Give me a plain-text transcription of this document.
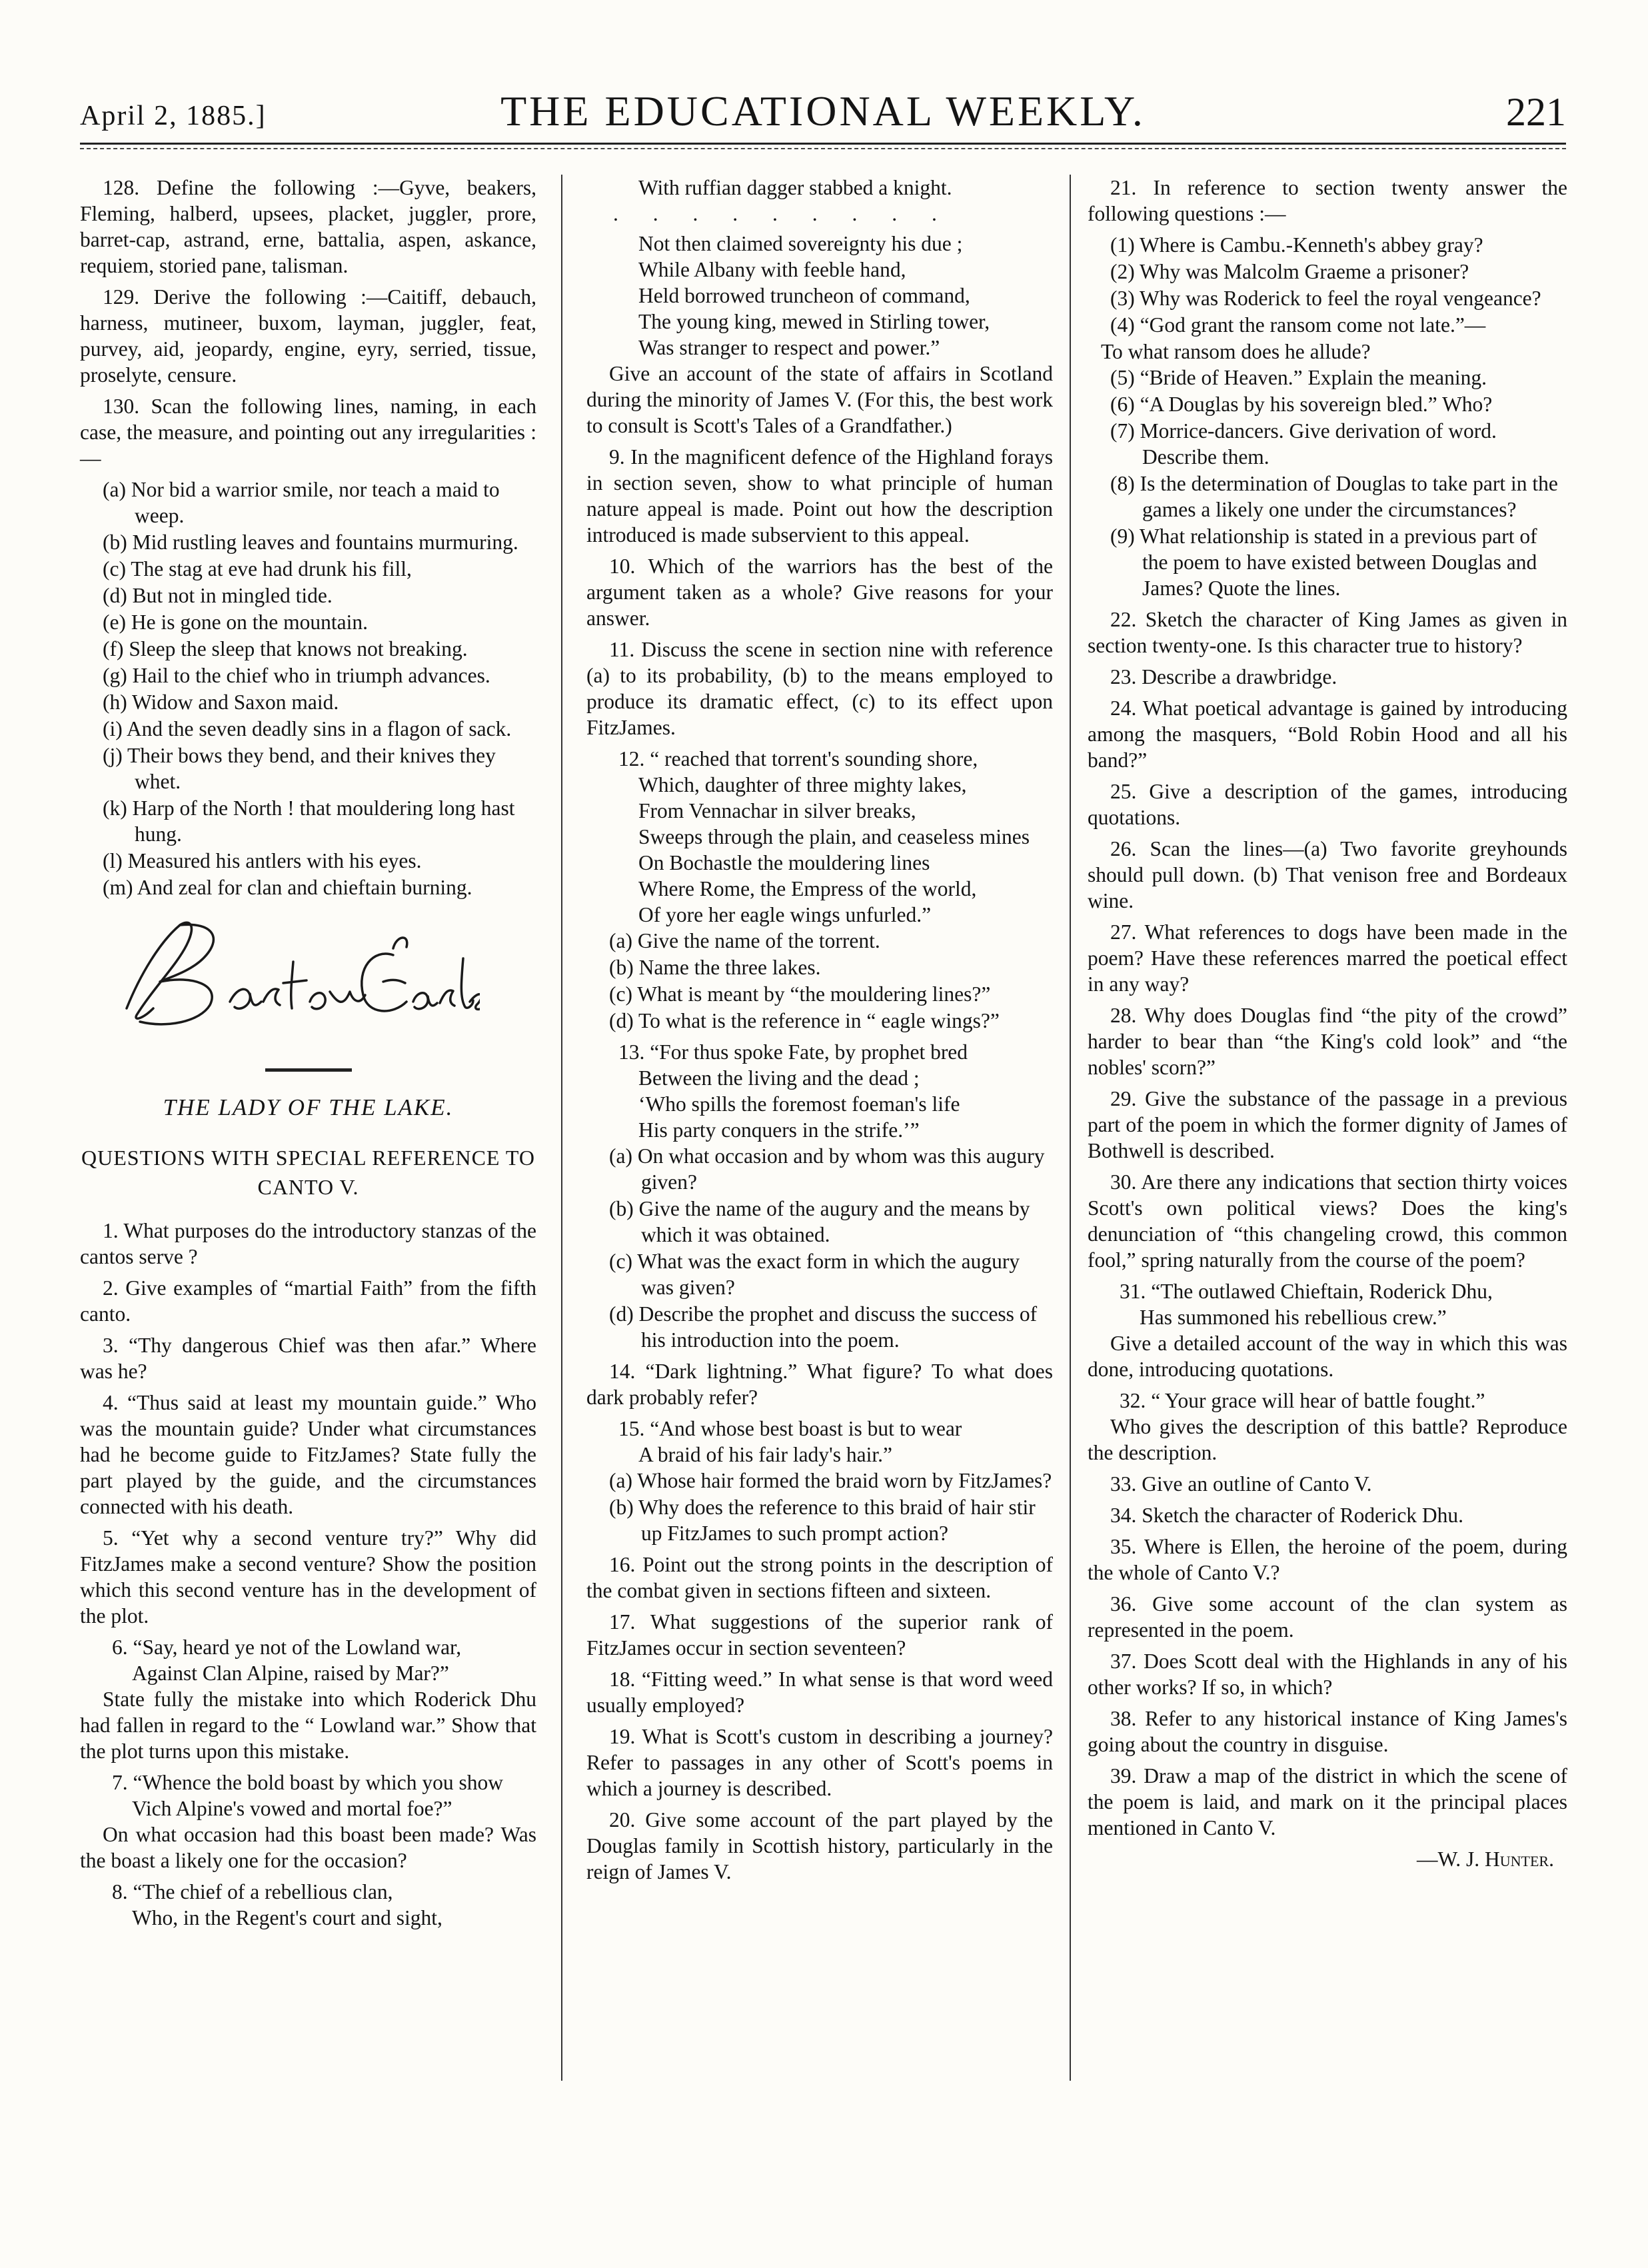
April 2, 1885.]	THE EDUCATIONAL WEEKLY.	221

128. Define the following :—Gyve, beakers, Fleming, halberd, upsees, placket, juggler, prore, barret-cap, astrand, erne, battalia, aspen, askance, requiem, storied pane, talisman.

129. Derive the following :—Caitiff, debauch, harness, mutineer, buxom, layman, juggler, feat, purvey, aid, jeopardy, engine, eyry, serried, tissue, proselyte, censure.

130. Scan the following lines, naming, in each case, the measure, and pointing out any irregularities :—

(a) Nor bid a warrior smile, nor teach a maid to weep.
(b) Mid rustling leaves and fountains murmuring.
(c) The stag at eve had drunk his fill,
(d) But not in mingled tide.
(e) He is gone on the mountain.
(f) Sleep the sleep that knows not breaking.
(g) Hail to the chief who in triumph advances.
(h) Widow and Saxon maid.
(i) And the seven deadly sins in a flagon of sack.
(j) Their bows they bend, and their knives they whet.
(k) Harp of the North ! that mouldering long hast hung.
(l) Measured his antlers with his eyes.
(m) And zeal for clan and chieftain burning.
THE LADY OF THE LAKE.
QUESTIONS WITH SPECIAL REFERENCE TO CANTO V.

1. What purposes do the introductory stanzas of the cantos serve ?

2. Give examples of “martial Faith” from the fifth canto.

3. “Thy dangerous Chief was then afar.” Where was he?

4. “Thus said at least my mountain guide.” Who was the mountain guide? Under what circumstances had he become guide to FitzJames? State fully the part played by the guide, and the circumstances connected with his death.

5. “Yet why a second venture try?” Why did FitzJames make a second venture? Show the position which this second venture has in the development of the plot.

6. “Say, heard ye not of the Lowland war,
Against Clan Alpine, raised by Mar?”

State fully the mistake into which Roderick Dhu had fallen in regard to the “ Lowland war.” Show that the plot turns upon this mistake.

7. “Whence the bold boast by which you show
Vich Alpine's vowed and mortal foe?”

On what occasion had this boast been made? Was the boast a likely one for the occasion?

8. “The chief of a rebellious clan,
Who, in the Regent's court and sight,
With ruffian dagger stabbed a knight.
. . . . . . . . .
Not then claimed sovereignty his due ;
While Albany with feeble hand,
Held borrowed truncheon of command,
The young king, mewed in Stirling tower,
Was stranger to respect and power.”

Give an account of the state of affairs in Scotland during the minority of James V. (For this, the best work to consult is Scott's Tales of a Grandfather.)

9. In the magnificent defence of the Highland forays in section seven, show to what principle of human nature appeal is made. Point out how the description introduced is made subservient to this appeal.

10. Which of the warriors has the best of the argument taken as a whole? Give reasons for your answer.

11. Discuss the scene in section nine with reference (a) to its probability, (b) to the means employed to produce its dramatic effect, (c) to its effect upon FitzJames.

12. “ reached that torrent's sounding shore,
Which, daughter of three mighty lakes,
From Vennachar in silver breaks,
Sweeps through the plain, and ceaseless mines
On Bochastle the mouldering lines
Where Rome, the Empress of the world,
Of yore her eagle wings unfurled.”
(a) Give the name of the torrent.
(b) Name the three lakes.
(c) What is meant by “the mouldering lines?”
(d) To what is the reference in “ eagle wings?”
13. “For thus spoke Fate, by prophet bred
Between the living and the dead ;
‘Who spills the foremost foeman's life
His party conquers in the strife.’”
(a) On what occasion and by whom was this augury given?
(b) Give the name of the augury and the means by which it was obtained.
(c) What was the exact form in which the augury was given?
(d) Describe the prophet and discuss the success of his introduction into the poem.

14. “Dark lightning.” What figure? To what does dark probably refer?

15. “And whose best boast is but to wear
A braid of his fair lady's hair.”
(a) Whose hair formed the braid worn by FitzJames?
(b) Why does the reference to this braid of hair stir up FitzJames to such prompt action?

16. Point out the strong points in the description of the combat given in sections fifteen and sixteen.

17. What suggestions of the superior rank of FitzJames occur in section seventeen?

18. “Fitting weed.” In what sense is that word weed usually employed?

19. What is Scott's custom in describing a journey? Refer to passages in any other of Scott's poems in which a journey is described.

20. Give some account of the part played by the Douglas family in Scottish history, particularly in the reign of James V.

21. In reference to section twenty answer the following questions :—

(1) Where is Cambu.-Kenneth's abbey gray?
(2) Why was Malcolm Graeme a prisoner?
(3) Why was Roderick to feel the royal vengeance?
(4) “God grant the ransom come not late.”—
To what ransom does he allude?
(5) “Bride of Heaven.” Explain the meaning.
(6) “A Douglas by his sovereign bled.” Who?
(7) Morrice-dancers. Give derivation of word. Describe them.
(8) Is the determination of Douglas to take part in the games a likely one under the circumstances?
(9) What relationship is stated in a previous part of the poem to have existed between Douglas and James? Quote the lines.

22. Sketch the character of King James as given in section twenty-one. Is this character true to history?

23. Describe a drawbridge.

24. What poetical advantage is gained by introducing among the masquers, “Bold Robin Hood and all his band?”

25. Give a description of the games, introducing quotations.

26. Scan the lines—(a) Two favorite greyhounds should pull down. (b) That venison free and Bordeaux wine.

27. What references to dogs have been made in the poem? Have these references marred the poetical effect in any way?

28. Why does Douglas find “the pity of the crowd” harder to bear than “the King's cold look” and “the nobles' scorn?”

29. Give the substance of the passage in a previous part of the poem in which the former dignity of James of Bothwell is described.

30. Are there any indications that section thirty voices Scott's own political views? Does the king's denunciation of “this changeling crowd, this common fool,” spring naturally from the course of the poem?

31. “The outlawed Chieftain, Roderick Dhu,
Has summoned his rebellious crew.”

Give a detailed account of the way in which this was done, introducing quotations.

32. “ Your grace will hear of battle fought.”

Who gives the description of this battle? Reproduce the description.

33. Give an outline of Canto V.

34. Sketch the character of Roderick Dhu.

35. Where is Ellen, the heroine of the poem, during the whole of Canto V.?

36. Give some account of the clan system as represented in the poem.

37. Does Scott deal with the Highlands in any of his other works? If so, in which?

38. Refer to any historical instance of King James's going about the country in disguise.

39. Draw a map of the district in which the scene of the poem is laid, and mark on it the principal places mentioned in Canto V.

—W. J. Hunter.
